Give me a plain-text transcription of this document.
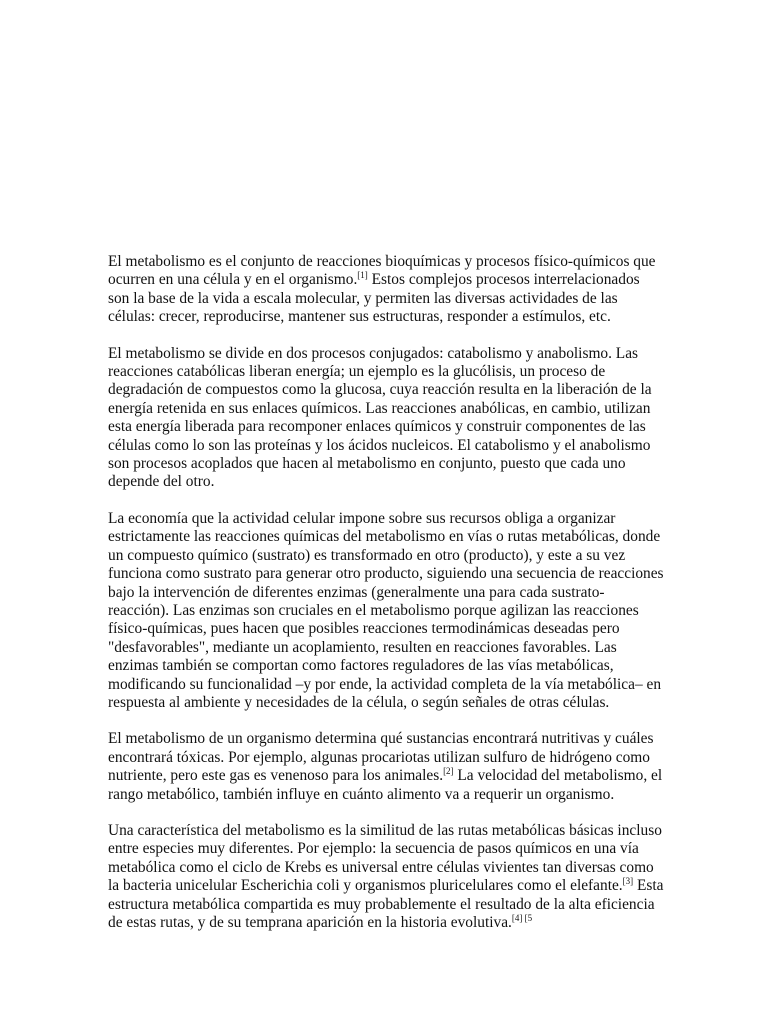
El metabolismo es el conjunto de reacciones bioquímicas y procesos físico-químicos que ocurren en una célula y en el organismo.[1] Estos complejos procesos interrelacionados son la base de la vida a escala molecular, y permiten las diversas actividades de las células: crecer, reproducirse, mantener sus estructuras, responder a estímulos, etc.

El metabolismo se divide en dos procesos conjugados: catabolismo y anabolismo. Las reacciones catabólicas liberan energía; un ejemplo es la glucólisis, un proceso de degradación de compuestos como la glucosa, cuya reacción resulta en la liberación de la energía retenida en sus enlaces químicos. Las reacciones anabólicas, en cambio, utilizan esta energía liberada para recomponer enlaces químicos y construir componentes de las células como lo son las proteínas y los ácidos nucleicos. El catabolismo y el anabolismo son procesos acoplados que hacen al metabolismo en conjunto, puesto que cada uno depende del otro.

La economía que la actividad celular impone sobre sus recursos obliga a organizar estrictamente las reacciones químicas del metabolismo en vías o rutas metabólicas, donde un compuesto químico (sustrato) es transformado en otro (producto), y este a su vez funciona como sustrato para generar otro producto, siguiendo una secuencia de reacciones bajo la intervención de diferentes enzimas (generalmente una para cada sustrato-reacción). Las enzimas son cruciales en el metabolismo porque agilizan las reacciones físico-químicas, pues hacen que posibles reacciones termodinámicas deseadas pero "desfavorables", mediante un acoplamiento, resulten en reacciones favorables. Las enzimas también se comportan como factores reguladores de las vías metabólicas, modificando su funcionalidad –y por ende, la actividad completa de la vía metabólica– en respuesta al ambiente y necesidades de la célula, o según señales de otras células.

El metabolismo de un organismo determina qué sustancias encontrará nutritivas y cuáles encontrará tóxicas. Por ejemplo, algunas procariotas utilizan sulfuro de hidrógeno como nutriente, pero este gas es venenoso para los animales.[2] La velocidad del metabolismo, el rango metabólico, también influye en cuánto alimento va a requerir un organismo.

Una característica del metabolismo es la similitud de las rutas metabólicas básicas incluso entre especies muy diferentes. Por ejemplo: la secuencia de pasos químicos en una vía metabólica como el ciclo de Krebs es universal entre células vivientes tan diversas como la bacteria unicelular Escherichia coli y organismos pluricelulares como el elefante.[3] Esta estructura metabólica compartida es muy probablemente el resultado de la alta eficiencia de estas rutas, y de su temprana aparición en la historia evolutiva.$^{[4] [5}$
